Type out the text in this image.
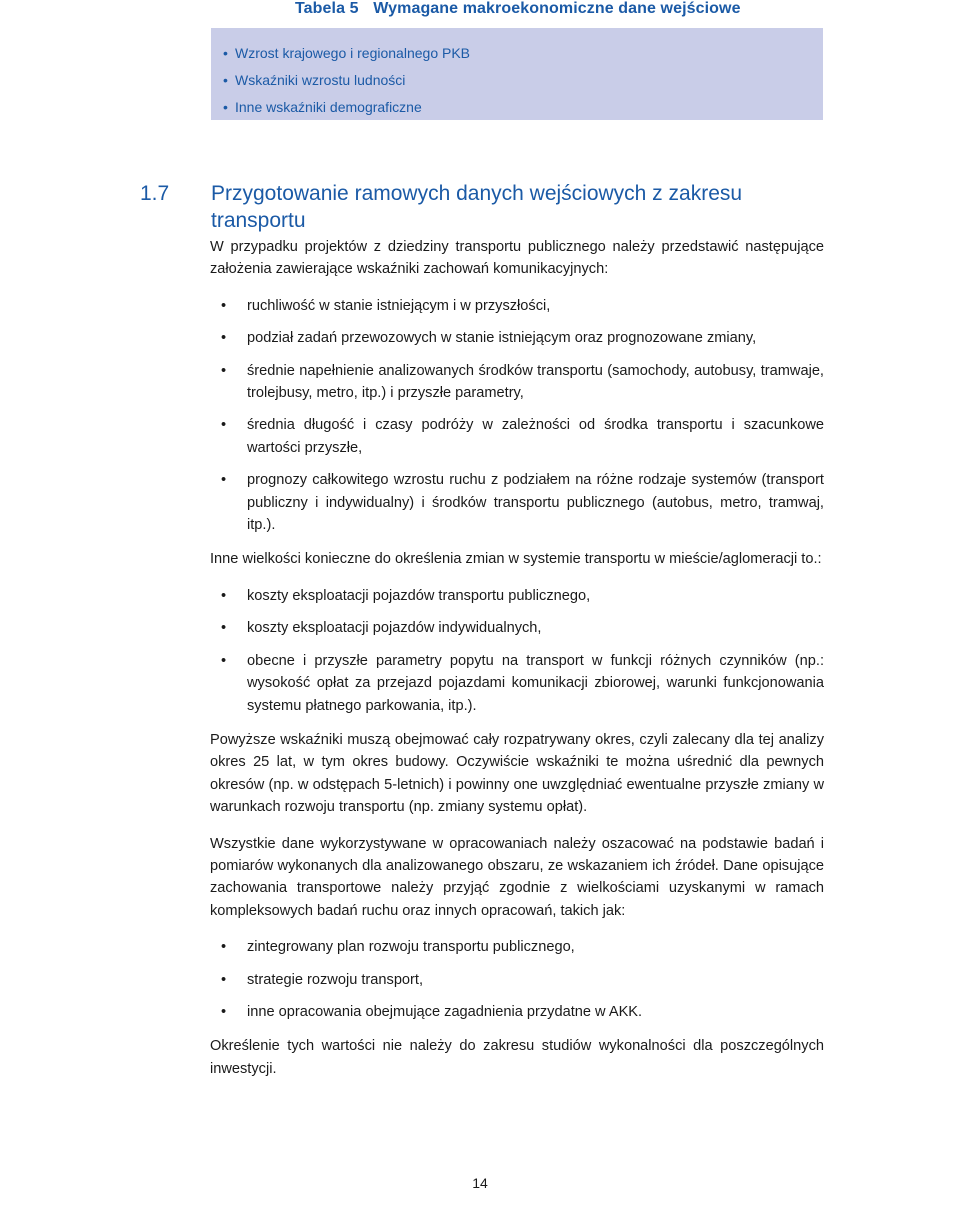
Tabela 5 Wymagane makroekonomiczne dane wejściowe
• Wzrost krajowego i regionalnego PKB
• Wskaźniki wzrostu ludności
• Inne wskaźniki demograficzne
1.7 Przygotowanie ramowych danych wejściowych z zakresu transportu

W przypadku projektów z dziedziny transportu publicznego należy przedstawić następujące założenia zawierające wskaźniki zachowań komunikacyjnych:

• ruchliwość w stanie istniejącym i w przyszłości,
• podział zadań przewozowych w stanie istniejącym oraz prognozowane zmiany,
• średnie napełnienie analizowanych środków transportu (samochody, autobusy, tramwaje, trolejbusy, metro, itp.) i przyszłe parametry,
• średnia długość i czasy podróży w zależności od środka transportu i szacunkowe wartości przyszłe,
• prognozy całkowitego wzrostu ruchu z podziałem na różne rodzaje systemów (transport publiczny i indywidualny) i środków transportu publicznego (autobus, metro, tramwaj, itp.).

Inne wielkości konieczne do określenia zmian w systemie transportu w mieście/aglomeracji to.:

• koszty eksploatacji pojazdów transportu publicznego,
• koszty eksploatacji pojazdów indywidualnych,
• obecne i przyszłe parametry popytu na transport w funkcji różnych czynników (np.: wysokość opłat za przejazd pojazdami komunikacji zbiorowej, warunki funkcjonowania systemu płatnego parkowania, itp.).

Powyższe wskaźniki muszą obejmować cały rozpatrywany okres, czyli zalecany dla tej analizy okres 25 lat, w tym okres budowy. Oczywiście wskaźniki te można uśrednić dla pewnych okresów (np. w odstępach 5-letnich) i powinny one uwzględniać ewentualne przyszłe zmiany w warunkach rozwoju transportu (np. zmiany systemu opłat).

Wszystkie dane wykorzystywane w opracowaniach należy oszacować na podstawie badań i pomiarów wykonanych dla analizowanego obszaru, ze wskazaniem ich źródeł. Dane opisujące zachowania transportowe należy przyjąć zgodnie z wielkościami uzyskanymi w ramach kompleksowych badań ruchu oraz innych opracowań, takich jak:

• zintegrowany plan rozwoju transportu publicznego,
• strategie rozwoju transport,
• inne opracowania obejmujące zagadnienia przydatne w AKK.

Określenie tych wartości nie należy do zakresu studiów wykonalności dla poszczególnych inwestycji.

14
